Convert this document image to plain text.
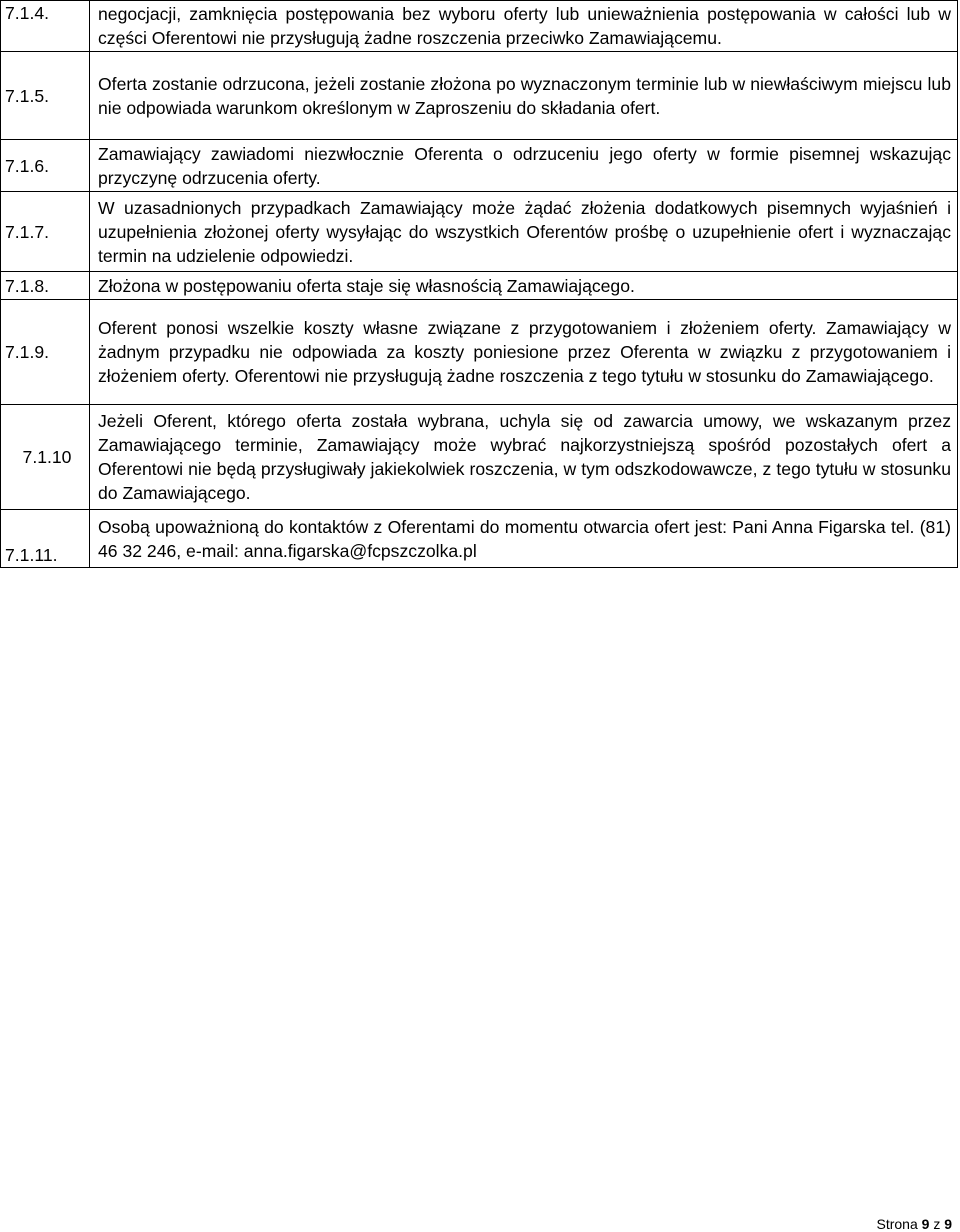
7.1.4.	negocjacji, zamknięcia postępowania bez wyboru oferty lub unieważnienia postępowania w całości lub w części Oferentowi nie przysługują żadne roszczenia przeciwko Zamawiającemu.
7.1.5.	Oferta zostanie odrzucona, jeżeli zostanie złożona po wyznaczonym terminie lub w niewłaściwym miejscu lub nie odpowiada warunkom określonym w Zaproszeniu do składania ofert.
7.1.6.	Zamawiający zawiadomi niezwłocznie Oferenta o odrzuceniu jego oferty w formie pisemnej wskazując przyczynę odrzucenia oferty.
7.1.7.	W uzasadnionych przypadkach Zamawiający może żądać złożenia dodatkowych pisemnych wyjaśnień i uzupełnienia złożonej oferty wysyłając do wszystkich Oferentów prośbę o uzupełnienie ofert i wyznaczając termin na udzielenie odpowiedzi.
7.1.8.	Złożona w postępowaniu oferta staje się własnością Zamawiającego.
7.1.9.	Oferent ponosi wszelkie koszty własne związane z przygotowaniem i złożeniem oferty. Zamawiający w żadnym przypadku nie odpowiada za koszty poniesione przez Oferenta w związku z przygotowaniem i złożeniem oferty. Oferentowi nie przysługują żadne roszczenia z tego tytułu w stosunku do Zamawiającego.
7.1.10	Jeżeli Oferent, którego oferta została wybrana, uchyla się od zawarcia umowy, we wskazanym przez Zamawiającego terminie, Zamawiający może wybrać najkorzystniejszą spośród pozostałych ofert a Oferentowi nie będą przysługiwały jakiekolwiek roszczenia, w tym odszkodowawcze, z tego tytułu w stosunku do Zamawiającego.
7.1.11.	Osobą upoważnioną do kontaktów z Oferentami do momentu otwarcia ofert jest: Pani Anna Figarska tel. (81) 46 32 246, e-mail: anna.figarska@fcpszczolka.pl
Strona 9 z 9
